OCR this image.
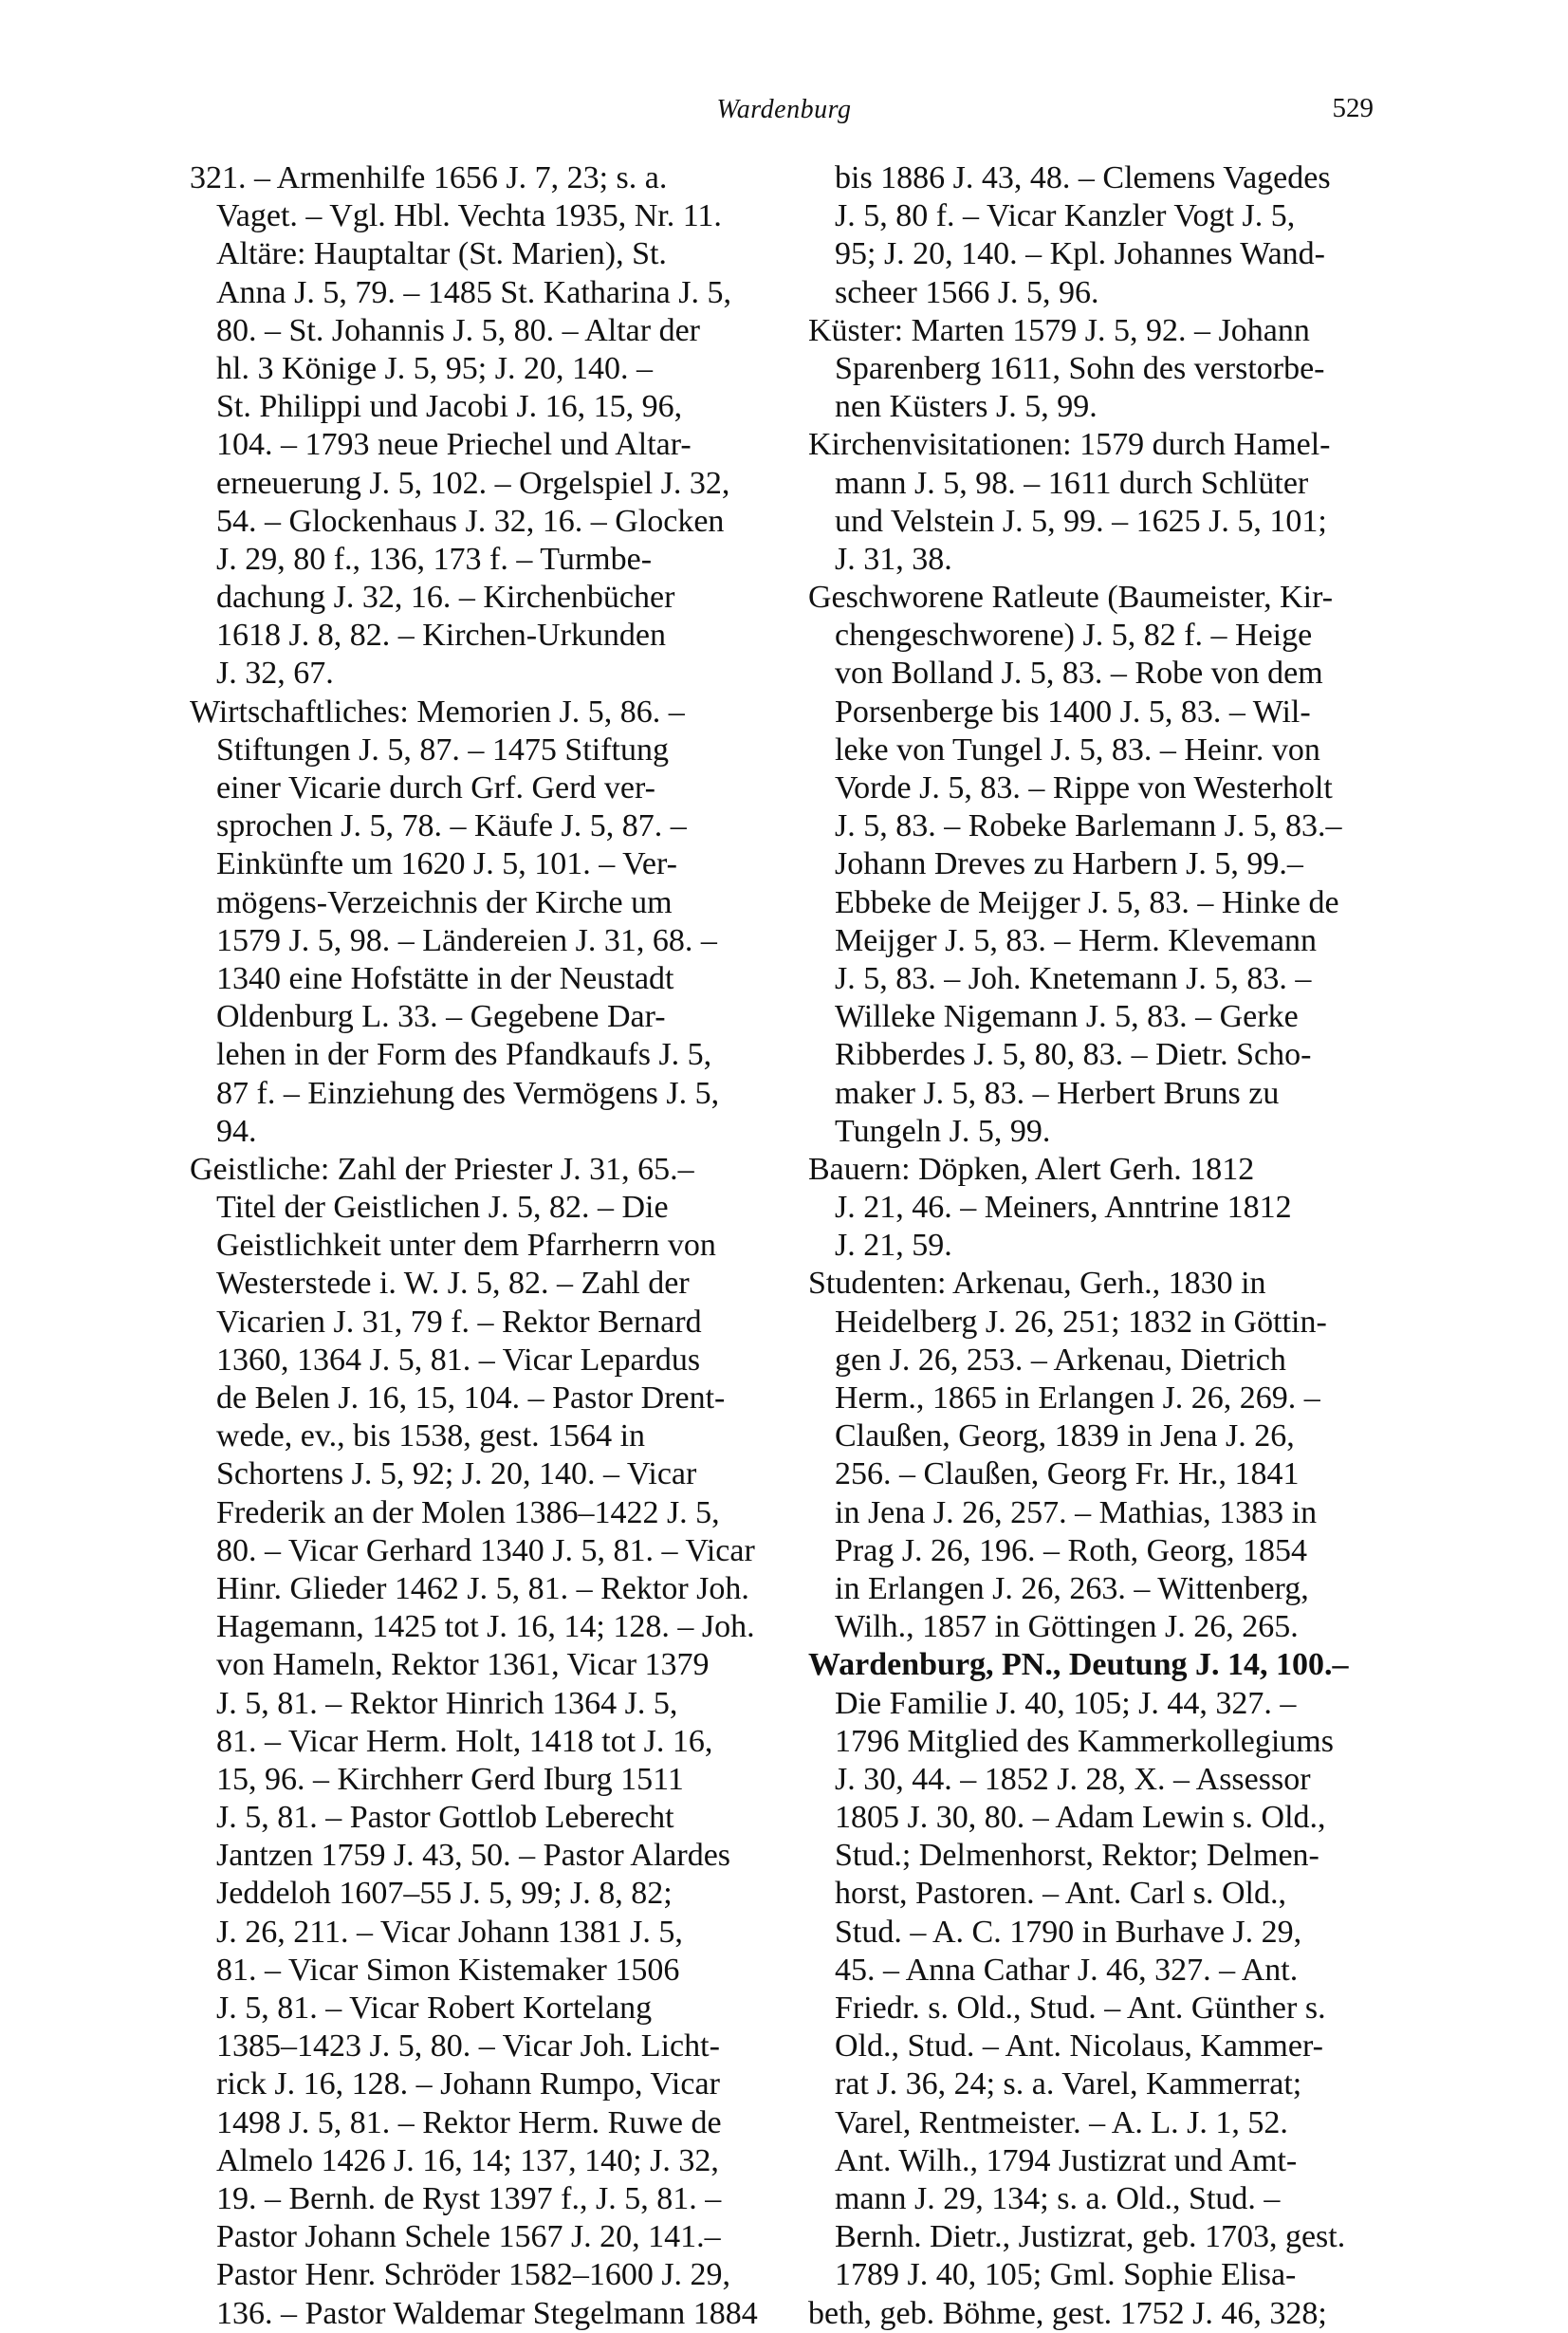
Wardenburg	529
321. – Armenhilfe 1656 J. 7, 23; s. a.
Vaget. – Vgl. Hbl. Vechta 1935, Nr. 11.
Altäre: Hauptaltar (St. Marien), St.
Anna J. 5, 79. – 1485 St. Katharina J. 5,
80. – St. Johannis J. 5, 80. – Altar der
hl. 3 Könige J. 5, 95; J. 20, 140. –
St. Philippi und Jacobi J. 16, 15, 96,
104. – 1793 neue Priechel und Altar-
erneuerung J. 5, 102. – Orgelspiel J. 32,
54. – Glockenhaus J. 32, 16. – Glocken
J. 29, 80 f., 136, 173 f. – Turmbe-
dachung J. 32, 16. – Kirchenbücher
1618 J. 8, 82. – Kirchen-Urkunden
J. 32, 67.
Wirtschaftliches: Memorien J. 5, 86. –
Stiftungen J. 5, 87. – 1475 Stiftung
einer Vicarie durch Grf. Gerd ver-
sprochen J. 5, 78. – Käufe J. 5, 87. –
Einkünfte um 1620 J. 5, 101. – Ver-
mögens-Verzeichnis der Kirche um
1579 J. 5, 98. – Ländereien J. 31, 68. –
1340 eine Hofstätte in der Neustadt
Oldenburg L. 33. – Gegebene Dar-
lehen in der Form des Pfandkaufs J. 5,
87 f. – Einziehung des Vermögens J. 5,
94.
Geistliche: Zahl der Priester J. 31, 65.–
Titel der Geistlichen J. 5, 82. – Die
Geistlichkeit unter dem Pfarrherrn von
Westerstede i. W. J. 5, 82. – Zahl der
Vicarien J. 31, 79 f. – Rektor Bernard
1360, 1364 J. 5, 81. – Vicar Lepardus
de Belen J. 16, 15, 104. – Pastor Drent-
wede, ev., bis 1538, gest. 1564 in
Schortens J. 5, 92; J. 20, 140. – Vicar
Frederik an der Molen 1386–1422 J. 5,
80. – Vicar Gerhard 1340 J. 5, 81. – Vicar
Hinr. Glieder 1462 J. 5, 81. – Rektor Joh.
Hagemann, 1425 tot J. 16, 14; 128. – Joh.
von Hameln, Rektor 1361, Vicar 1379
J. 5, 81. – Rektor Hinrich 1364 J. 5,
81. – Vicar Herm. Holt, 1418 tot J. 16,
15, 96. – Kirchherr Gerd Iburg 1511
J. 5, 81. – Pastor Gottlob Leberecht
Jantzen 1759 J. 43, 50. – Pastor Alardes
Jeddeloh 1607–55 J. 5, 99; J. 8, 82;
J. 26, 211. – Vicar Johann 1381 J. 5,
81. – Vicar Simon Kistemaker 1506
J. 5, 81. – Vicar Robert Kortelang
1385–1423 J. 5, 80. – Vicar Joh. Licht-
rick J. 16, 128. – Johann Rumpo, Vicar
1498 J. 5, 81. – Rektor Herm. Ruwe de
Almelo 1426 J. 16, 14; 137, 140; J. 32,
19. – Bernh. de Ryst 1397 f., J. 5, 81. –
Pastor Johann Schele 1567 J. 20, 141.–
Pastor Henr. Schröder 1582–1600 J. 29,
136. – Pastor Waldemar Stegelmann 1884
bis 1886 J. 43, 48. – Clemens Vagedes
J. 5, 80 f. – Vicar Kanzler Vogt J. 5,
95; J. 20, 140. – Kpl. Johannes Wand-
scheer 1566 J. 5, 96.
Küster: Marten 1579 J. 5, 92. – Johann
Sparenberg 1611, Sohn des verstorbe-
nen Küsters J. 5, 99.
Kirchenvisitationen: 1579 durch Hamel-
mann J. 5, 98. – 1611 durch Schlüter
und Velstein J. 5, 99. – 1625 J. 5, 101;
J. 31, 38.
Geschworene Ratleute (Baumeister, Kir-
chengeschworene) J. 5, 82 f. – Heige
von Bolland J. 5, 83. – Robe von dem
Porsenberge bis 1400 J. 5, 83. – Wil-
leke von Tungel J. 5, 83. – Heinr. von
Vorde J. 5, 83. – Rippe von Westerholt
J. 5, 83. – Robeke Barlemann J. 5, 83.–
Johann Dreves zu Harbern J. 5, 99.–
Ebbeke de Meijger J. 5, 83. – Hinke de
Meijger J. 5, 83. – Herm. Klevemann
J. 5, 83. – Joh. Knetemann J. 5, 83. –
Willeke Nigemann J. 5, 83. – Gerke
Ribberdes J. 5, 80, 83. – Dietr. Scho-
maker J. 5, 83. – Herbert Bruns zu
Tungeln J. 5, 99.
Bauern: Döpken, Alert Gerh. 1812
J. 21, 46. – Meiners, Anntrine 1812
J. 21, 59.
Studenten: Arkenau, Gerh., 1830 in
Heidelberg J. 26, 251; 1832 in Göttin-
gen J. 26, 253. – Arkenau, Dietrich
Herm., 1865 in Erlangen J. 26, 269. –
Claußen, Georg, 1839 in Jena J. 26,
256. – Claußen, Georg Fr. Hr., 1841
in Jena J. 26, 257. – Mathias, 1383 in
Prag J. 26, 196. – Roth, Georg, 1854
in Erlangen J. 26, 263. – Wittenberg,
Wilh., 1857 in Göttingen J. 26, 265.
Wardenburg, PN., Deutung J. 14, 100.–
Die Familie J. 40, 105; J. 44, 327. –
1796 Mitglied des Kammerkollegiums
J. 30, 44. – 1852 J. 28, X. – Assessor
1805 J. 30, 80. – Adam Lewin s. Old.,
Stud.; Delmenhorst, Rektor; Delmen-
horst, Pastoren. – Ant. Carl s. Old.,
Stud. – A. C. 1790 in Burhave J. 29,
45. – Anna Cathar J. 46, 327. – Ant.
Friedr. s. Old., Stud. – Ant. Günther s.
Old., Stud. – Ant. Nicolaus, Kammer-
rat J. 36, 24; s. a. Varel, Kammerrat;
Varel, Rentmeister. – A. L. J. 1, 52.
Ant. Wilh., 1794 Justizrat und Amt-
mann J. 29, 134; s. a. Old., Stud. –
Bernh. Dietr., Justizrat, geb. 1703, gest.
1789 J. 40, 105; Gml. Sophie Elisa-
beth, geb. Böhme, gest. 1752 J. 46, 328;
